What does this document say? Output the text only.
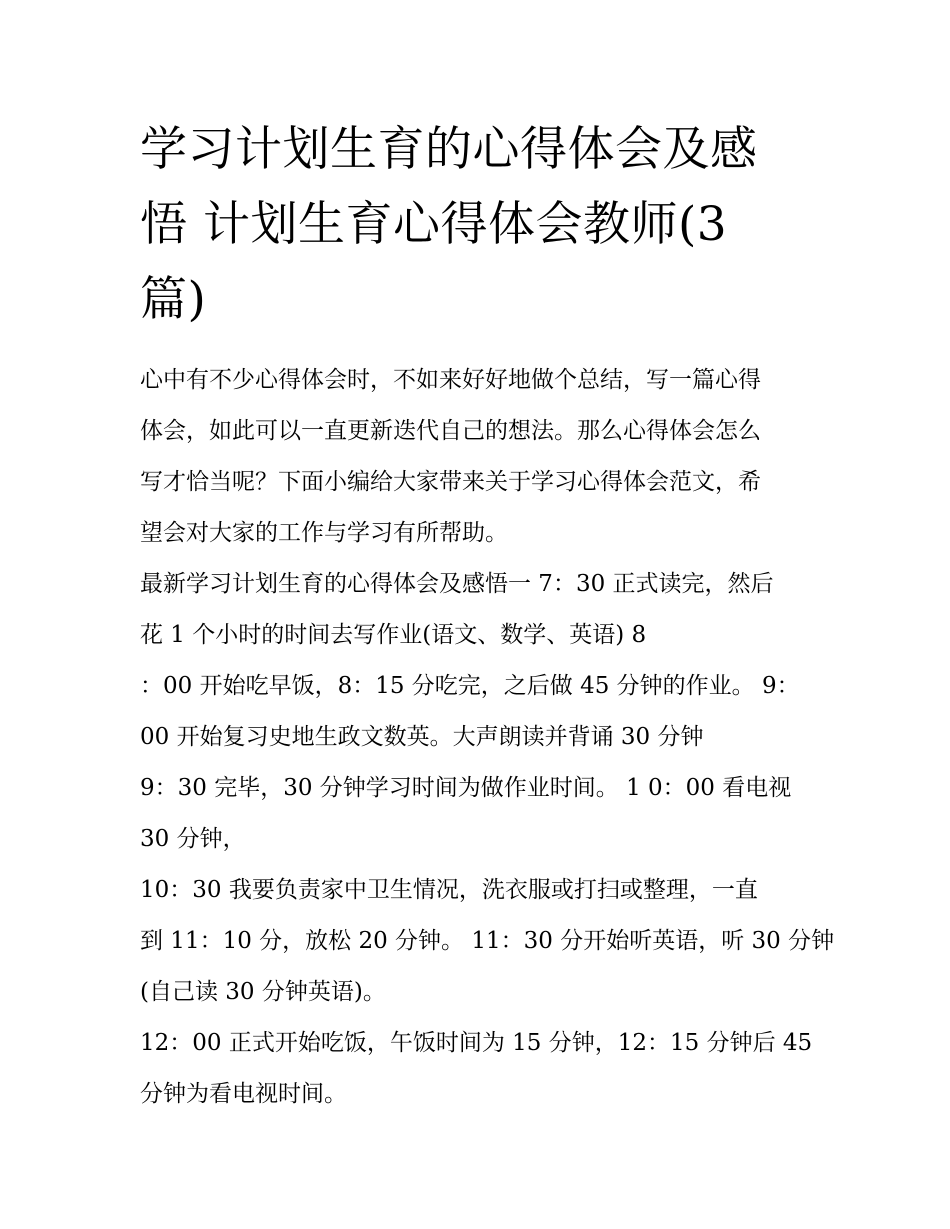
学习计划生育的心得体会及感
悟 计划生育心得体会教师(3
篇)
心中有不少心得体会时，不如来好好地做个总结，写一篇心得
体会，如此可以一直更新迭代自己的想法。那么心得体会怎么
写才恰当呢？下面小编给大家带来关于学习心得体会范文，希
望会对大家的工作与学习有所帮助。
最新学习计划生育的心得体会及感悟一 7：30 正式读完，然后
花 1 个小时的时间去写作业(语文、数学、英语) 8
：00 开始吃早饭，8：15 分吃完，之后做 45 分钟的作业。 9：
00 开始复习史地生政文数英。大声朗读并背诵 30 分钟
9：30 完毕，30 分钟学习时间为做作业时间。 1 0：00 看电视
30 分钟，
10：30 我要负责家中卫生情况，洗衣服或打扫或整理，一直
到 11：10 分，放松 20 分钟。 11：30 分开始听英语，听 30 分钟
(自己读 30 分钟英语)。
12：00 正式开始吃饭，午饭时间为 15 分钟，12：15 分钟后 45
分钟为看电视时间。
